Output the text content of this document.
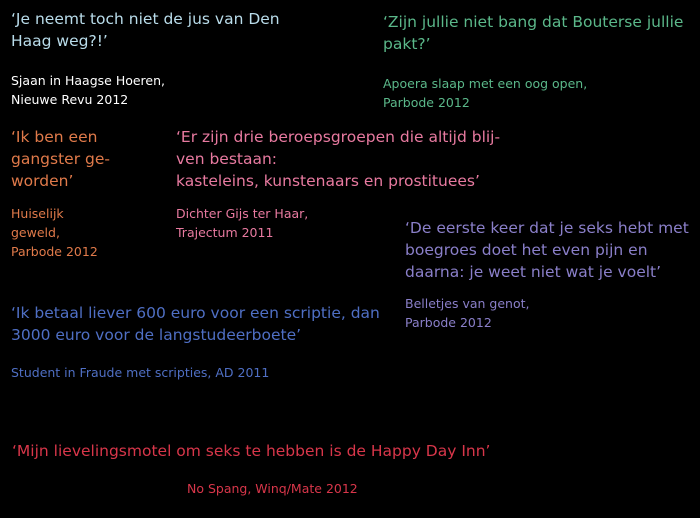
‘Je neemt toch niet de jus van Den
Haag weg?!’

Sjaan in Haagse Hoeren,
Nieuwe Revu 2012

‘Zijn jullie niet bang dat Bouterse jullie
pakt?’

Apoera slaap met een oog open,
Parbode 2012

‘Ik ben een
gangster ge-
worden’

Huiselijk
geweld,
Parbode 2012

‘Er zijn drie beroepsgroepen die altijd blij-
ven bestaan:
kasteleins, kunstenaars en prostituees’

Dichter Gijs ter Haar,
Trajectum 2011	‘De eerste keer dat je seks hebt met
boegroes doet het even pijn en
daarna: je weet niet wat je voelt’

Belletjes van genot,
Parbode 2012

‘Ik betaal liever 600 euro voor een scriptie, dan
3000 euro voor de langstudeerboete’

Student in Fraude met scripties, AD 2011

‘Mijn lievelingsmotel om seks te hebben is de Happy Day Inn’

No Spang, Winq/Mate 2012
